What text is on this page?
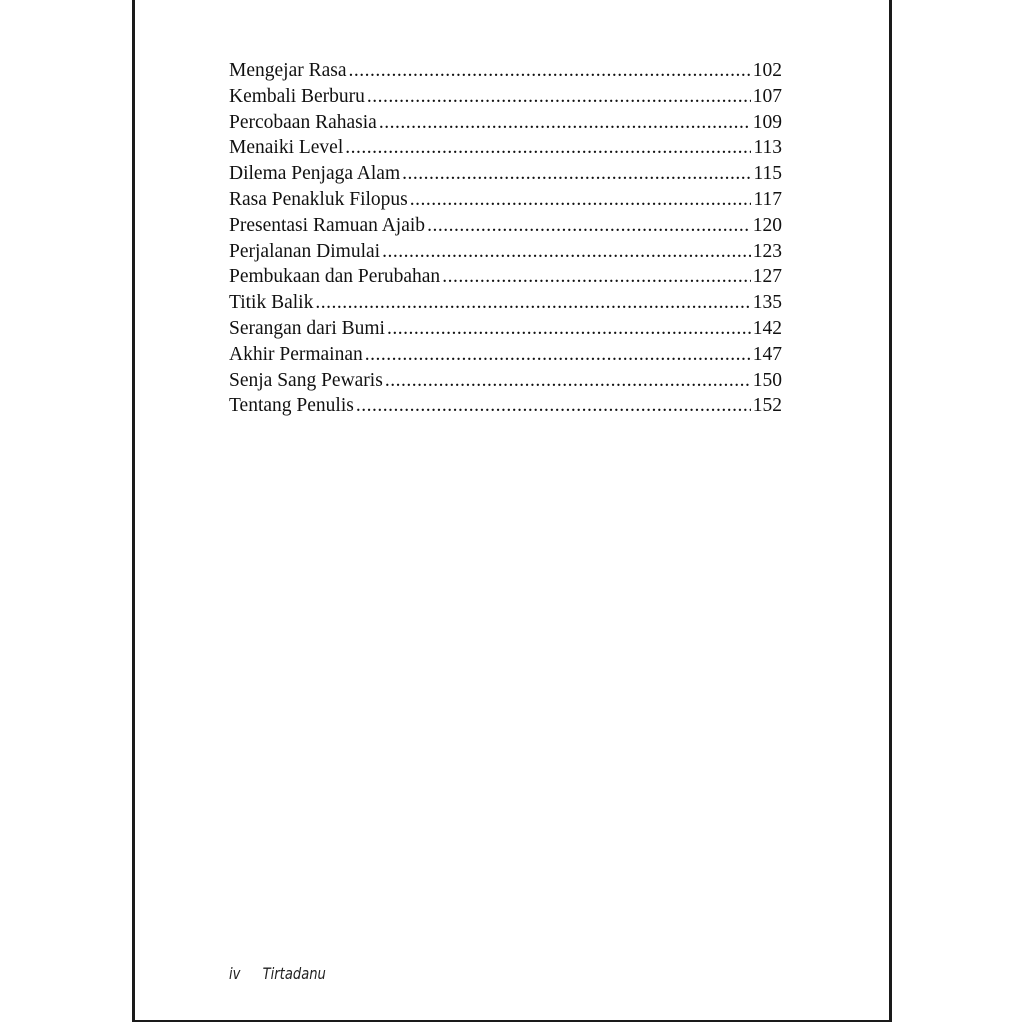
Mengejar Rasa .....	102
Kembali Berburu .....	107
Percobaan Rahasia .....	109
Menaiki Level .....	113
Dilema Penjaga Alam .....	115
Rasa Penakluk Filopus .....	117
Presentasi Ramuan Ajaib .....	120
Perjalanan Dimulai .....	123
Pembukaan dan Perubahan .....	127
Titik Balik .....	135
Serangan dari Bumi .....	142
Akhir Permainan .....	147
Senja Sang Pewaris .....	150
Tentang Penulis .....	152
iv Tirtadanu
